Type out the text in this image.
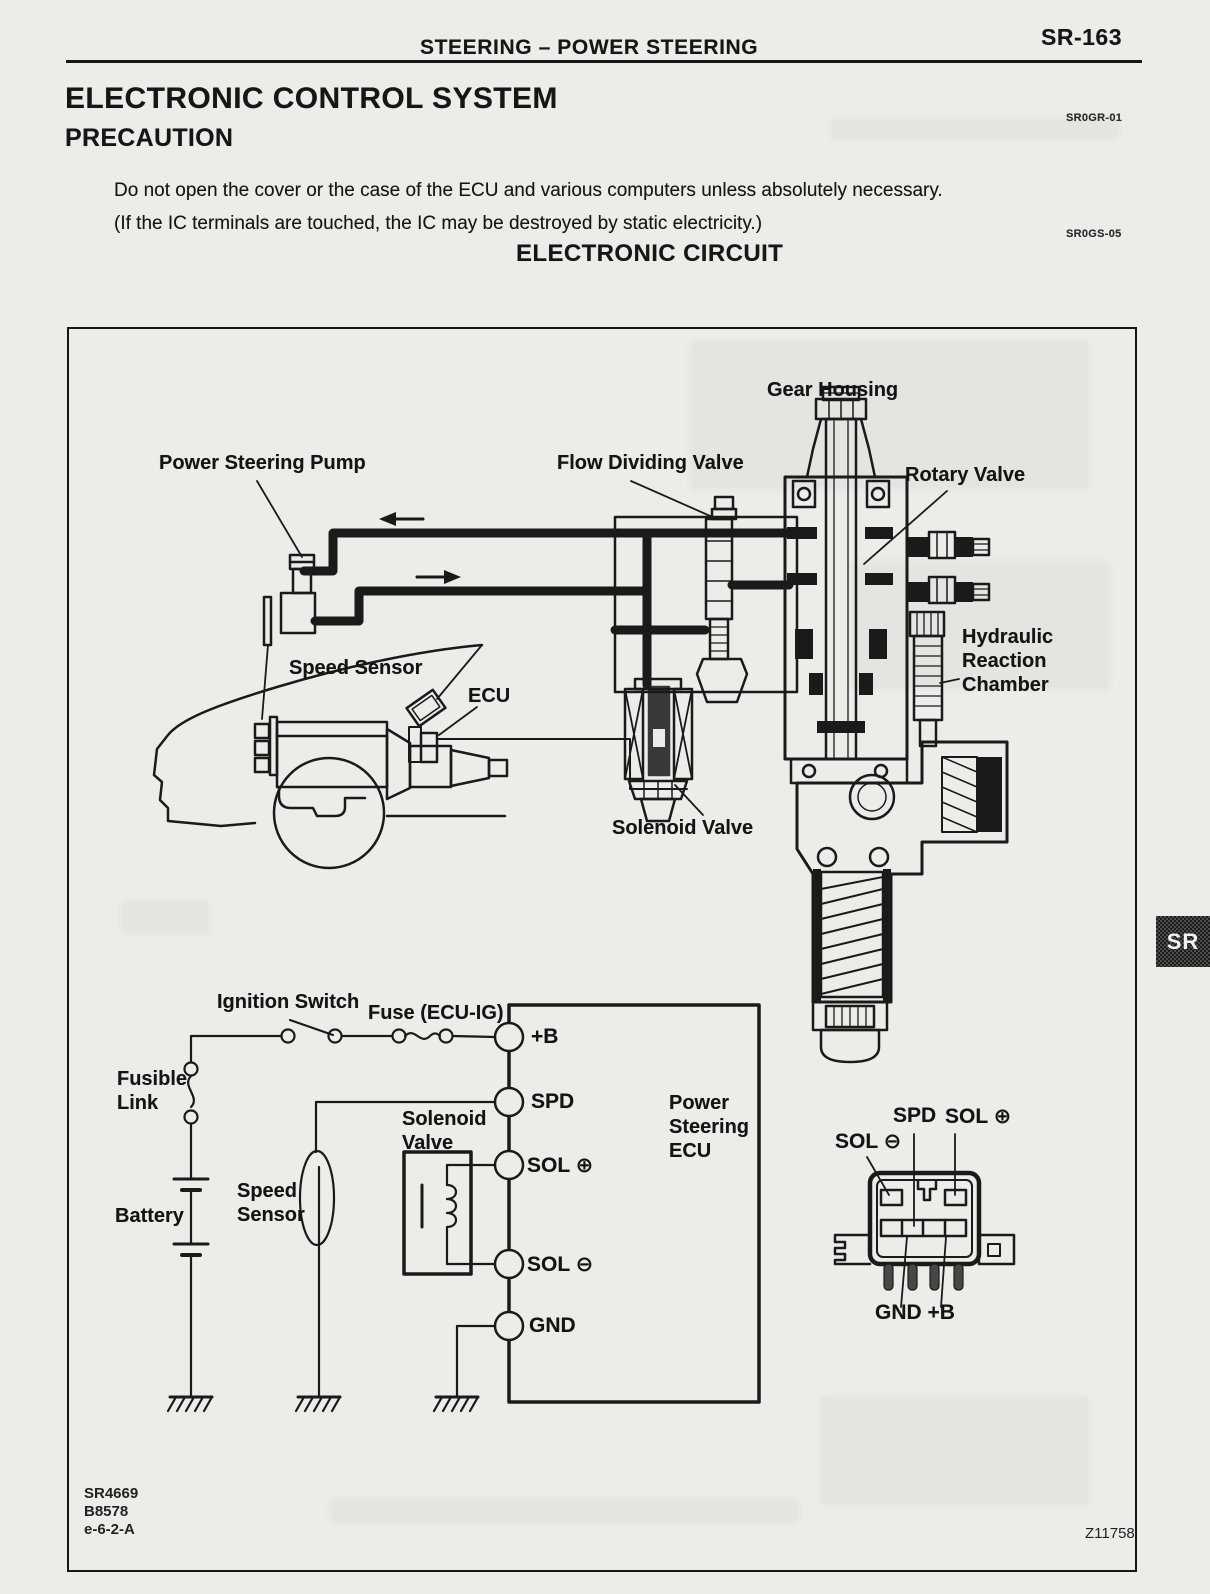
STEERING – POWER STEERING	SR-163
ELECTRONIC CONTROL SYSTEM
SR0GR-01
PRECAUTION
Do not open the cover or the case of the ECU and various computers unless absolutely necessary.
(If the IC terminals are touched, the IC may be destroyed by static electricity.)	SR0GS-05
ELECTRONIC CIRCUIT
SR
Gear Housing
Power Steering Pump	Flow Dividing Valve
Rotary Valve
Speed Sensor
ECU
Hydraulic
Reaction
Chamber
Solenoid Valve
Ignition Switch Fuse (ECU-IG)
Fusible
Link
Battery
Speed
Sensor
Solenoid
Valve
Power
Steering
ECU
+B
SPD
SOL ⊕
SOL ⊖
GND
SPD SOL ⊕
SOL ⊖
GND +B
SR4669
B8578
e-6-2-A	Z11758
